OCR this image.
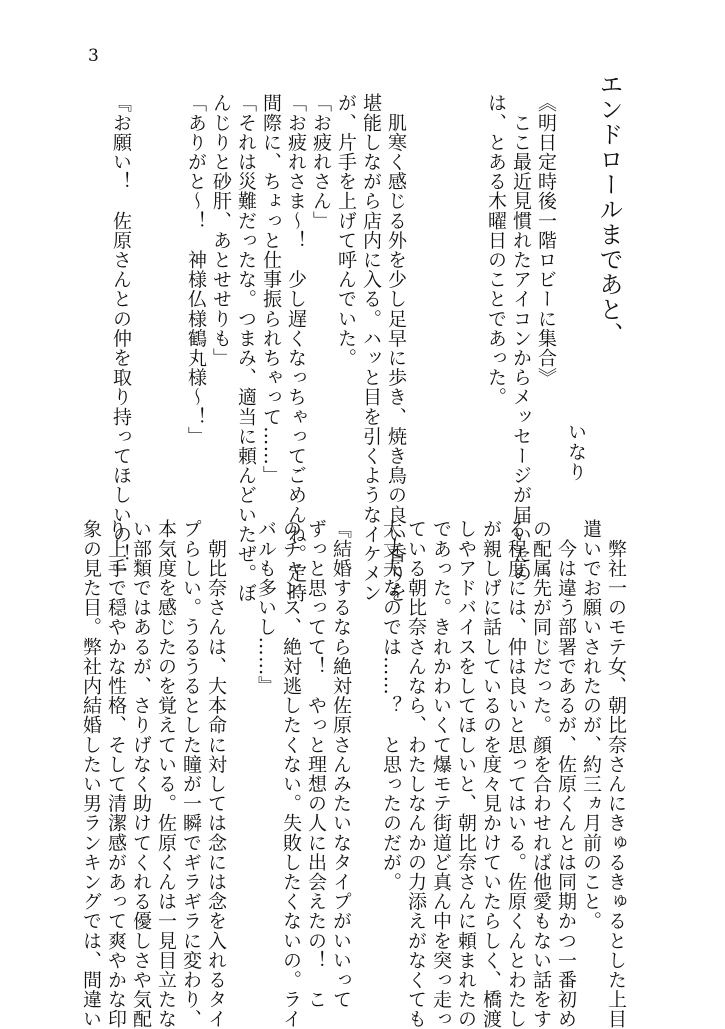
3
エンドロールまであと、
いなり
《明日定時後一階ロビーに集合》
　ここ最近見慣れたアイコンからメッセージが届いたの
は、とある木曜日のことであった。
　肌寒く感じる外を少し足早に歩き、焼き鳥の良い香りを
堪能しながら店内に入る。ハッと目を引くようなイケメン
が、片手を上げて呼んでいた。
「お疲れさん」
「お疲れさま〜！　少し遅くなっちゃってごめんね。定時
間際に、ちょっと仕事振られちゃって……」
「それは災難だったな。つまみ、適当に頼んどいたぜ。ぼ
んじりと砂肝、あとせせりも」
「ありがと〜！　神様仏様鶴丸様〜！」
『お願い！　佐原さんとの仲を取り持ってほしいの！』
　弊社一のモテ女、朝比奈さんにきゅるきゅるとした上目
遣いでお願いされたのが、約三ヵ月前のこと。
　今は違う部署であるが、佐原くんとは同期かつ一番初め
の配属先が同じだった。顔を合わせれば他愛もない話をす
る程度には、仲は良いと思ってはいる。佐原くんとわたし
が親しげに話しているのを度々見かけていたらしく、橋渡
しやアドバイスをしてほしいと、朝比奈さんに頼まれたの
であった。きれかわいくて爆モテ街道ど真ん中を突っ走っ
ている朝比奈さんなら、わたしなんかの力添えがなくても
大丈夫なのでは……？　と思ったのだが。
『結婚するなら絶対佐原さんみたいなタイプがいいって
ずっと思ってて！　やっと理想の人に出会えたの！　こ
のチャンス、絶対逃したくない。失敗したくないの。ライ
バルも多いし……』
　朝比奈さんは、大本命に対しては念には念を入れるタイ
プらしい。うるうるとした瞳が一瞬でギラギラに変わり、
本気度を感じたのを覚えている。佐原くんは一見目立たな
い部類ではあるが、さりげなく助けてくれる優しさや気配
り上手で穏やかな性格、そして清潔感があって爽やかな印
象の見た目。弊社内結婚したい男ランキングでは、間違い
